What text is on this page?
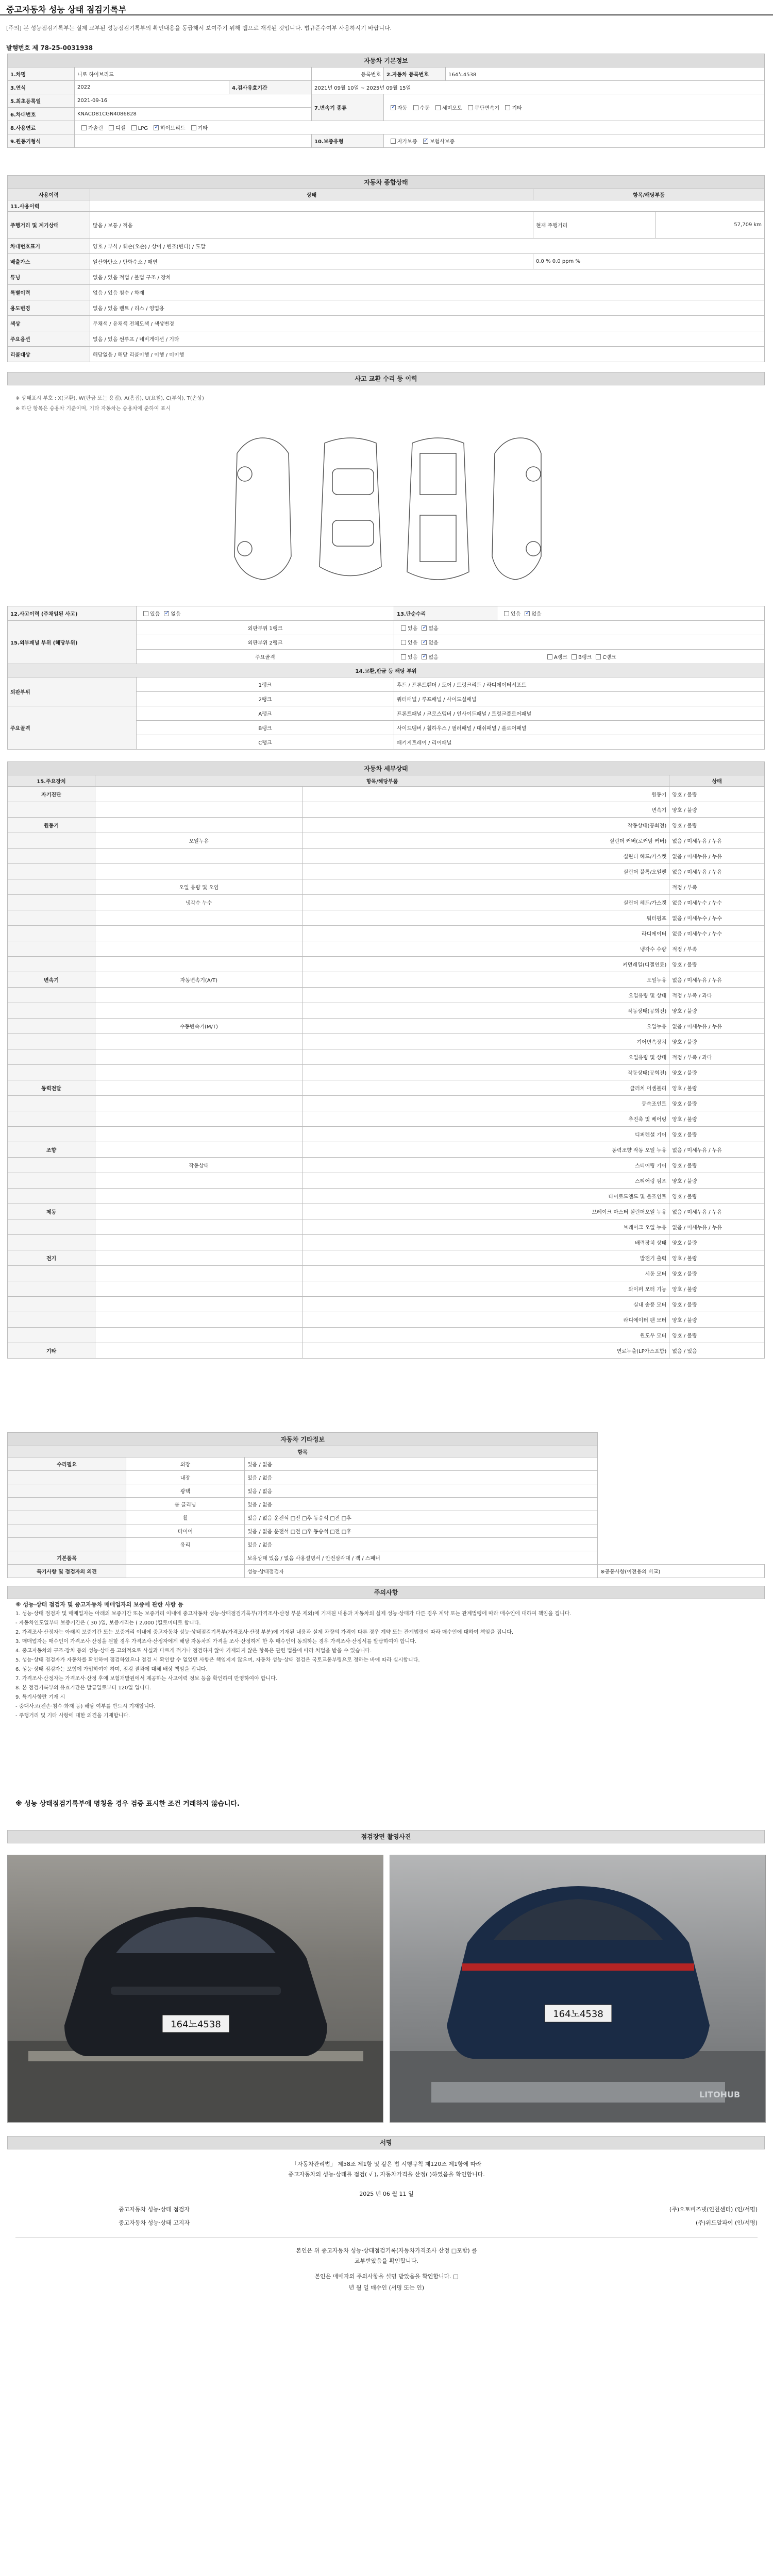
중고자동차 성능 상태 점검기록부
[주의] 본 성능점검기록부는 실제 교부된 성능점검기록부의 확인내용을 동급해서 보여주기 위해 웹으로 재작된 것입니다. 법규준수여부 사용하시기 바랍니다.
발행번호 제 78-25-0031938
자동차 기본정보					
1.차명	니로 하이브리드		등록번호	2.자동차 등록번호	164노4538
3.연식	2022	4.검사유효기간	2021년 09월 10일 ~ 2025년 09월 15일		
5.최초등록일	2021-09-16		7.변속기 종류	✓자동 수동 세미오토 무단변속기 기타
6.차대번호	KNACD81CGN4086828				
8.사용연료	가솔린 디젤 LPG ✓ 하이브리드 기타
9.원동기형식			10.보증유형	자가보증 ✓ 보험사보증
자동차 종합상태			
사용이력	상태	항목/해당부품	
11.사용이력			
주행거리 및 계기상태	많음 / 보통 / 적음	현재 주행거리	57,709 km
차대번호표기	양호 / 부식 / 훼손(오손) / 상이 / 변조(변타) / 도말		
배출가스	일산화탄소 / 탄화수소 / 매연	0.0 % 0.0 ppm %	
튜닝	없음 / 있음 적법 / 불법 구조 / 장치		
특별이력	없음 / 있음 침수 / 화재		
용도변경	없음 / 있음 렌트 / 리스 / 영업용		
색상	무채색 / 유채색 전체도색 / 색상변경		
주요옵션	없음 / 있음 썬루프 / 네비게이션 / 기타		
리콜대상	해당없음 / 해당 리콜이행 / 이행 / 미이행		
사고 교환 수리 등 이력
※ 상태표시 부호 : X(교환), W(판금 또는 용접), A(흠집), U(요철), C(부식), T(손상)
※ 하단 항목은 승용차 기준이며, 기타 자동차는 승용차에 준하여 표시
12.사고이력 (주채임된 사고)	있음 ✓ 없음	13.단순수리	있음 ✓ 없음
15.외부패널 부위 (해당부위)	외판부위 1랭크	있음 ✓ 없음
	외판부위 2랭크	있음 ✓ 없음
	주요골격	있음 ✓ 없음 A랭크 B랭크 C랭크
14.교환,판금 등 해당 부위			
외판부위	1랭크	후드 / 프론트휀더 / 도어 / 트렁크리드 / 라디에이터서포트	
	2랭크	쿼터패널 / 루프패널 / 사이드실패널	
주요골격	A랭크	프론트패널 / 크로스멤버 / 인사이드패널 / 트렁크플로어패널	
	B랭크	사이드멤버 / 휠하우스 / 필러패널 / 대쉬패널 / 플로어패널	
	C랭크	패키지트레이 / 리어패널	
자동차 세부상태			
15.주요장치	항목/해당부품		상태
자기진단		원동기	양호 / 불량
		변속기	양호 / 불량
원동기		작동상태(공회전)	양호 / 불량
	오일누유	실린더 커버(로커암 커버)	없음 / 미세누유 / 누유
		실린더 헤드/가스켓	없음 / 미세누유 / 누유
		실린더 블록/오일팬	없음 / 미세누유 / 누유
	오일 유량 및 오염		적정 / 부족
	냉각수 누수	실린더 헤드/가스켓	없음 / 미세누수 / 누수
		워터펌프	없음 / 미세누수 / 누수
		라디에이터	없음 / 미세누수 / 누수
		냉각수 수량	적정 / 부족
		커먼레일(디젤연료)	양호 / 불량
변속기	자동변속기(A/T)	오일누유	없음 / 미세누유 / 누유
		오일유량 및 상태	적정 / 부족 / 과다
		작동상태(공회전)	양호 / 불량
	수동변속기(M/T)	오일누유	없음 / 미세누유 / 누유
		기어변속장치	양호 / 불량
		오일유량 및 상태	적정 / 부족 / 과다
		작동상태(공회전)	양호 / 불량
동력전달		클러치 어셈블리	양호 / 불량
		등속조인트	양호 / 불량
		추진축 및 베어링	양호 / 불량
		디퍼렌셜 기어	양호 / 불량
조향		동력조향 작동 오일 누유	없음 / 미세누유 / 누유
	작동상태	스티어링 기어	양호 / 불량
		스티어링 펌프	양호 / 불량
		타이로드엔드 및 볼조인트	양호 / 불량
제동		브레이크 마스터 실린더오일 누유	없음 / 미세누유 / 누유
		브레이크 오일 누유	없음 / 미세누유 / 누유
		배력장치 상태	양호 / 불량
전기		발전기 출력	양호 / 불량
		시동 모터	양호 / 불량
		와이퍼 모터 기능	양호 / 불량
		실내 송풍 모터	양호 / 불량
		라디에이터 팬 모터	양호 / 불량
		윈도우 모터	양호 / 불량
기타		연료누출(LP가스포함)	없음 / 있음
자동차 기타정보			
항목			
수리필요	외장	있음 / 없음	
	내장	있음 / 없음	
	광택	있음 / 없음	
	룸 클리닝	있음 / 없음	
	휠	있음 / 없음 운전석 □전 □후 동승석 □전 □후	
	타이어	있음 / 없음 운전석 □전 □후 동승석 □전 □후	
	유리	있음 / 없음	
기본품목		보유상태 있음 / 없음 사용설명서 / 안전삼각대 / 잭 / 스패너	
특기사항 및 점검자의 의견		성능·상태점검자	※공통사항(이전용의 비교)
주의사항

※ 성능·상태 점검자 및 중고자동차 매매업자의 보증에 관한 사항 등

1. 성능·상태 점검자 및 매매업자는 아래의 보증기간 또는 보증거리 이내에 중고자동차 성능·상태점검기록부(가격조사·산정 부분 제외)에 기재된 내용과 자동차의 실제 성능·상태가 다른 경우 계약 또는 관계법령에 따라 매수인에 대하여 책임을 집니다.

- 자동차인도일부터 보증기간은 ( 30 )일, 보증거리는 ( 2,000 )킬로미터로 합니다.

2. 가격조사·산정자는 아래의 보증기간 또는 보증거리 이내에 중고자동차 성능·상태점검기록부(가격조사·산정 부분)에 기재된 내용과 실제 차량의 가격이 다른 경우 계약 또는 관계법령에 따라 매수인에 대하여 책임을 집니다.

3. 매매업자는 매수인이 가격조사·산정을 원할 경우 가격조사·산정자에게 해당 자동차의 가격을 조사·산정하게 한 후 매수인이 동의하는 경우 가격조사·산정서를 발급하여야 합니다.

4. 중고자동차의 구조·장치 등의 성능·상태를 고의적으로 사실과 다르게 적거나 점검하지 않아 기재되지 않은 항목은 관련 법률에 따라 처벌을 받을 수 있습니다.

5. 성능·상태 점검자가 자동차를 확인하여 점검하였으나 점검 시 확인할 수 없었던 사항은 책임지지 않으며, 자동차 성능·상태 점검은 국토교통부령으로 정하는 바에 따라 실시합니다.

6. 성능·상태 점검자는 보험에 가입하여야 하며, 점검 결과에 대해 배상 책임을 집니다.

7. 가격조사·산정자는 가격조사·산정 후에 보험개발원에서 제공하는 사고이력 정보 등을 확인하여 반영하여야 합니다.

8. 본 점검기록부의 유효기간은 발급일로부터 120일 입니다.

9. 특기사항란 기재 시

- 중대사고(전손·침수·화재 등) 해당 여부를 반드시 기재합니다.

- 주행거리 및 기타 사항에 대한 의견을 기재합니다.

※ 성능 상태점검기록부에 명칭을 경우 검증 표시한 조건 거래하지 않습니다.
점검장면 촬영사진
164노4538
164노4538
LITOHUB
서명
「자동차관리법」 제58조 제1항 및 같은 법 시행규칙 제120조 제1항에 따라
중고자동차의 성능·상태를 점검( √ ), 자동차가격을 산정( )하였음을 확인합니다.
2025 년 06 월 11 일
중고자동차 성능·상태 점검자	(주)오토비즈넷(인천센터) (인/서명)
중고자동차 성능·상태 고지자	(주)위드알파이 (인/서명)
본인은 위 중고자동차 성능·상태점검기록(자동차가격조사 산정 □포함) 를
교부받았음을 확인합니다.
본인은 매매자의 주의사항을 설명 받았음을 확인합니다. □
년 월 일 매수인 (서명 또는 인)
